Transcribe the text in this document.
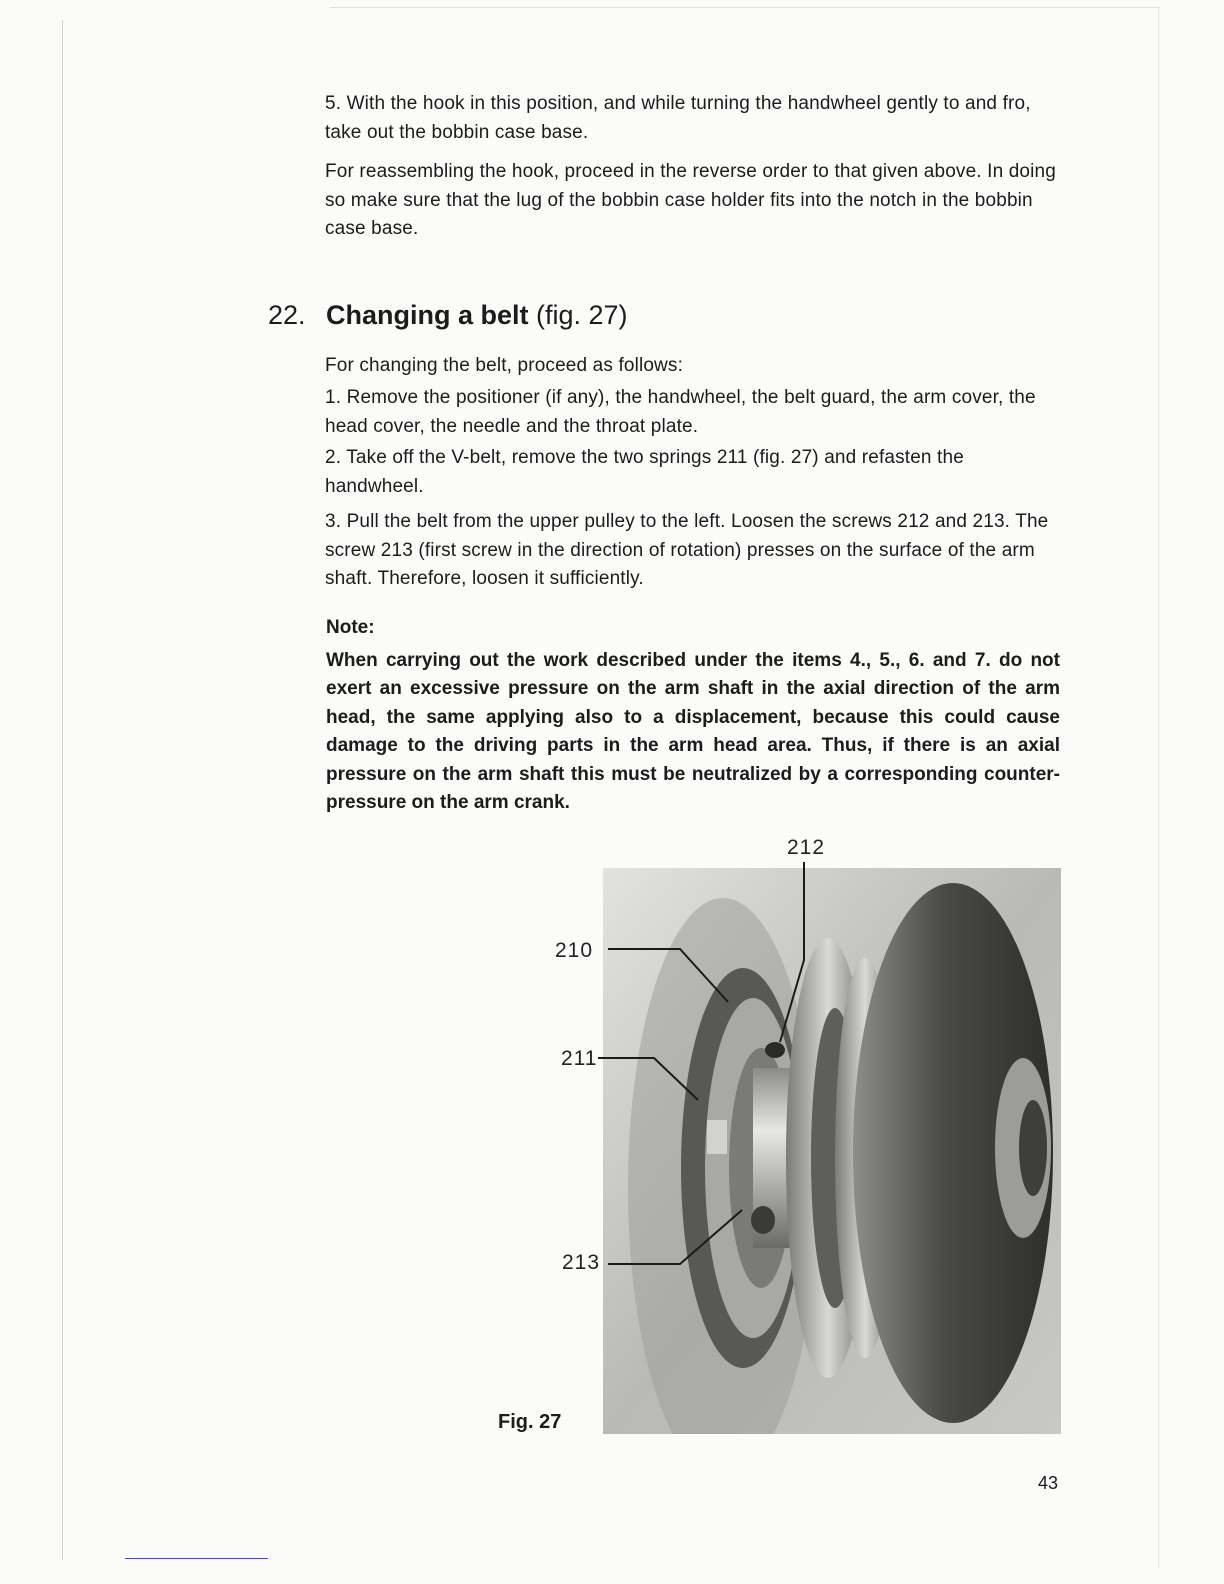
5. With the hook in this position, and while turning the handwheel gently to and fro, take out the bobbin case base.

For reassembling the hook, proceed in the reverse order to that given above. In doing so make sure that the lug of the bobbin case holder fits into the notch in the bobbin case base.

22. Changing a belt (fig. 27)

For changing the belt, proceed as follows:

1. Remove the positioner (if any), the handwheel, the belt guard, the arm cover, the head cover, the needle and the throat plate.

2. Take off the V-belt, remove the two springs 211 (fig. 27) and refasten the handwheel.

3. Pull the belt from the upper pulley to the left. Loosen the screws 212 and 213. The screw 213 (first screw in the direction of rotation) presses on the surface of the arm shaft. Therefore, loosen it sufficiently.

Note:

When carrying out the work described under the items 4., 5., 6. and 7. do not exert an excessive pressure on the arm shaft in the axial direction of the arm head, the same applying also to a displacement, because this could cause damage to the driving parts in the arm head area. Thus, if there is an axial pressure on the arm shaft this must be neutralized by a corresponding counter-pressure on the arm crank.

212
210
211
213
Fig. 27
43
